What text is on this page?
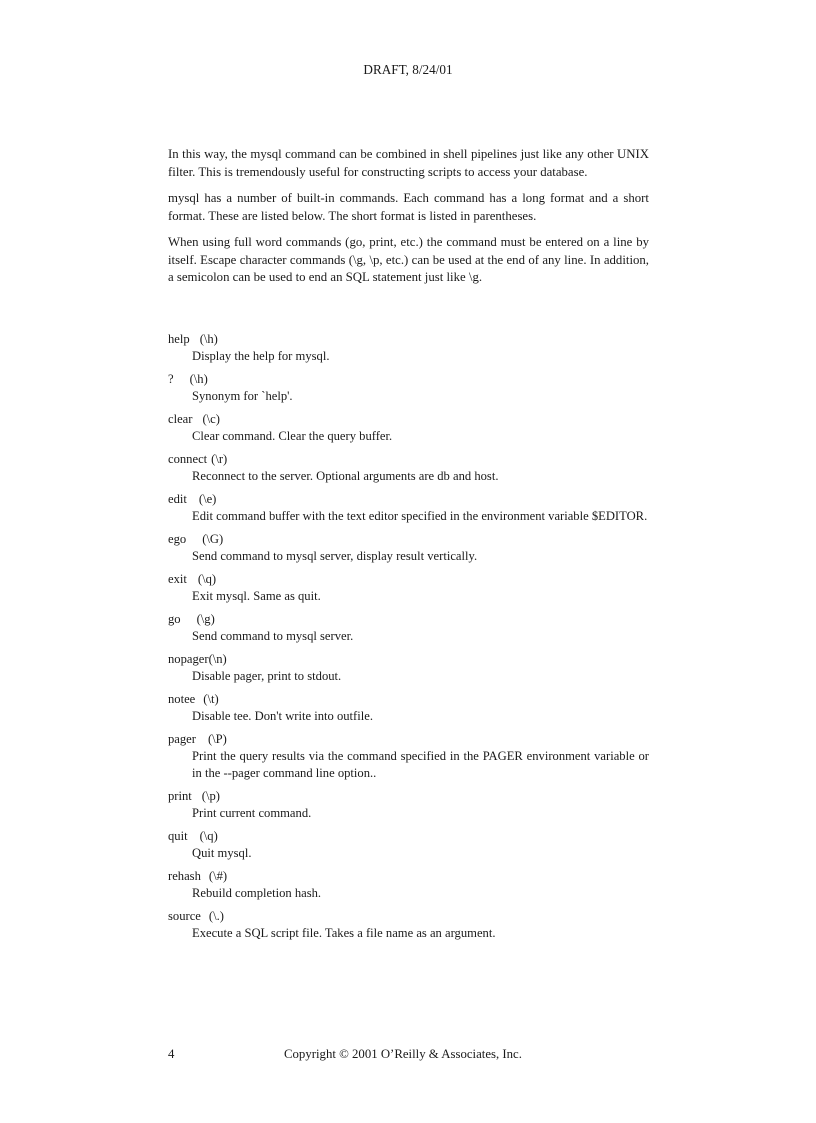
DRAFT, 8/24/01

In this way, the mysql command can be combined in shell pipelines just like any other UNIX filter. This is tremendously useful for constructing scripts to access your database.

mysql has a number of built-in commands. Each command has a long format and a short format. These are listed below. The short format is listed in parentheses.

When using full word commands (go, print, etc.) the command must be entered on a line by itself. Escape character commands (\g, \p, etc.) can be used at the end of any line. In addition, a semicolon can be used to end an SQL statement just like \g.

help (\h)
Display the help for mysql.
? (\h)
Synonym for `help'.
clear (\c)
Clear command. Clear the query buffer.
connect (\r)
Reconnect to the server. Optional arguments are db and host.
edit (\e)
Edit command buffer with the text editor specified in the environment variable $EDITOR.
ego (\G)
Send command to mysql server, display result vertically.
exit (\q)
Exit mysql. Same as quit.
go (\g)
Send command to mysql server.
nopager(\n)
Disable pager, print to stdout.
notee (\t)
Disable tee. Don't write into outfile.
pager (\P)
Print the query results via the command specified in the PAGER environment variable or in the --pager command line option..
print (\p)
Print current command.
quit (\q)
Quit mysql.
rehash (\#)
Rebuild completion hash.
source (\.)
Execute a SQL script file. Takes a file name as an argument.
4	Copyright © 2001 O’Reilly & Associates, Inc.
